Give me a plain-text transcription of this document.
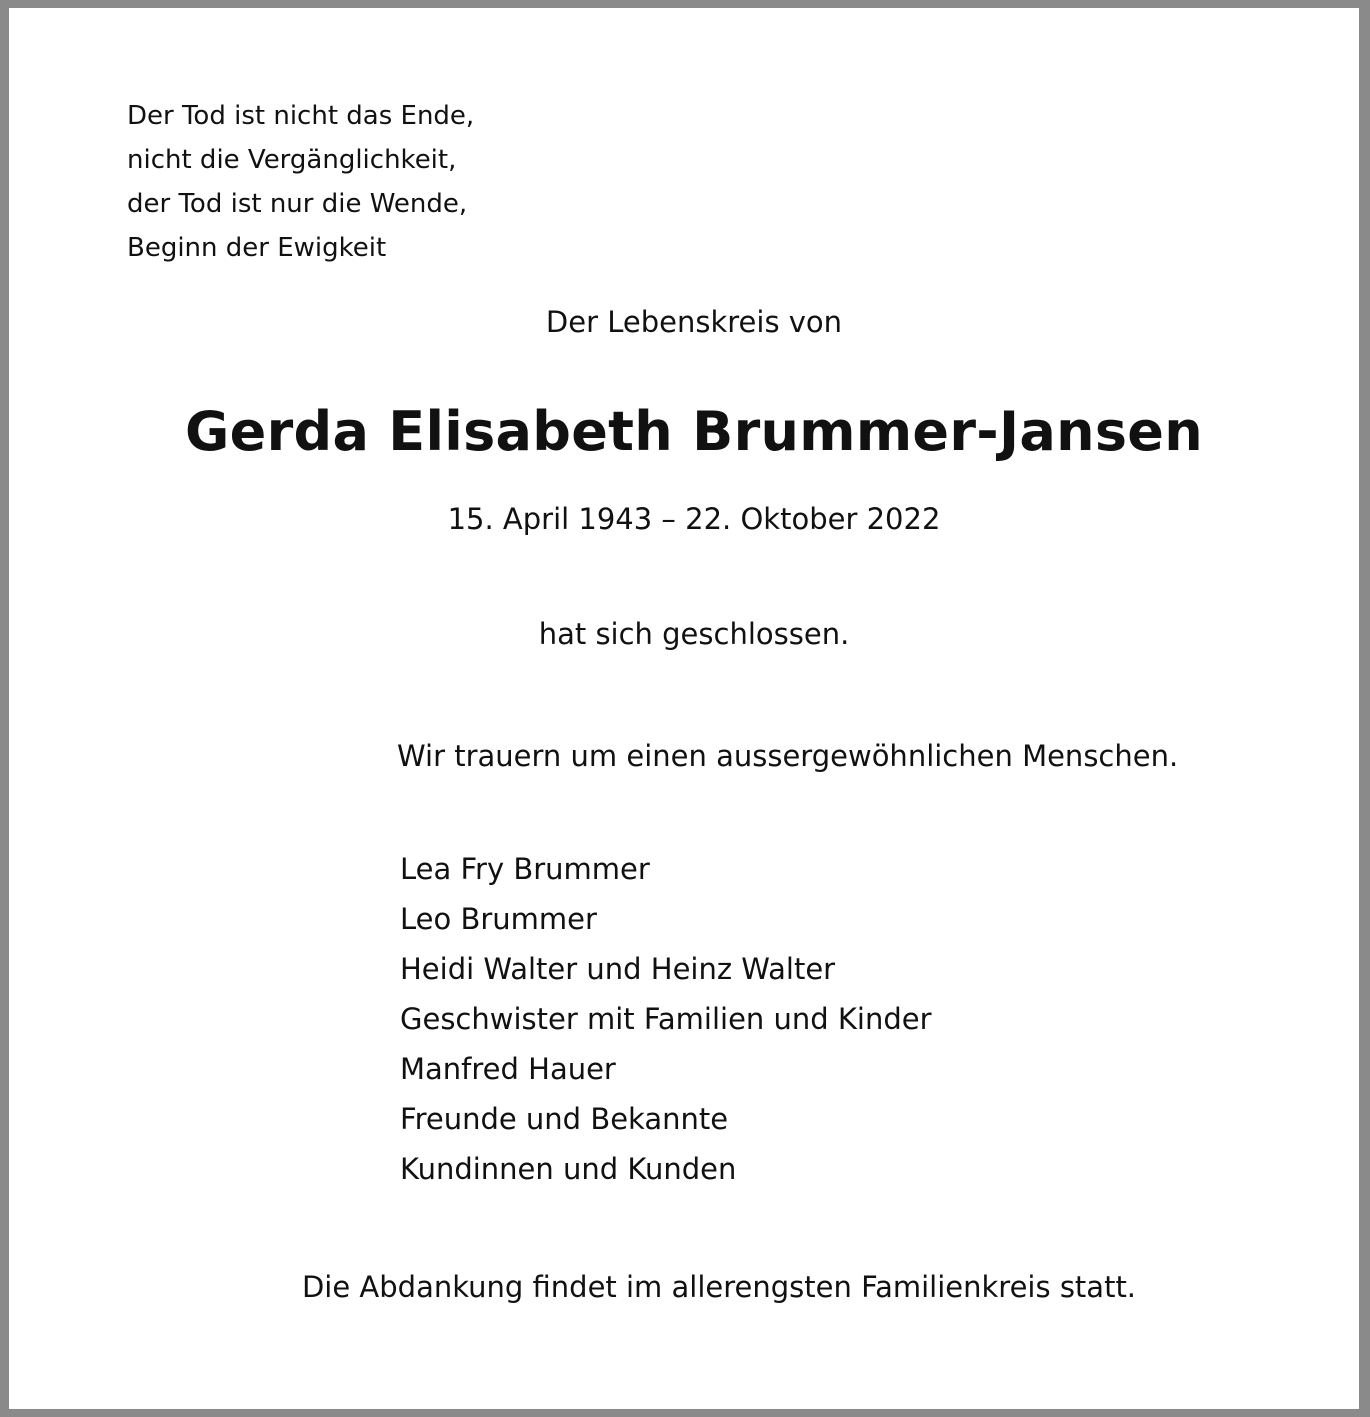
Der Tod ist nicht das Ende,
nicht die Vergänglichkeit,
der Tod ist nur die Wende,
Beginn der Ewigkeit
Der Lebenskreis von
Gerda Elisabeth Brummer-Jansen
15. April 1943 – 22. Oktober 2022
hat sich geschlossen.
Wir trauern um einen aussergewöhnlichen Menschen.
Lea Fry Brummer
Leo Brummer
Heidi Walter und Heinz Walter
Geschwister mit Familien und Kinder
Manfred Hauer
Freunde und Bekannte
Kundinnen und Kunden
Die Abdankung findet im allerengsten Familienkreis statt.
